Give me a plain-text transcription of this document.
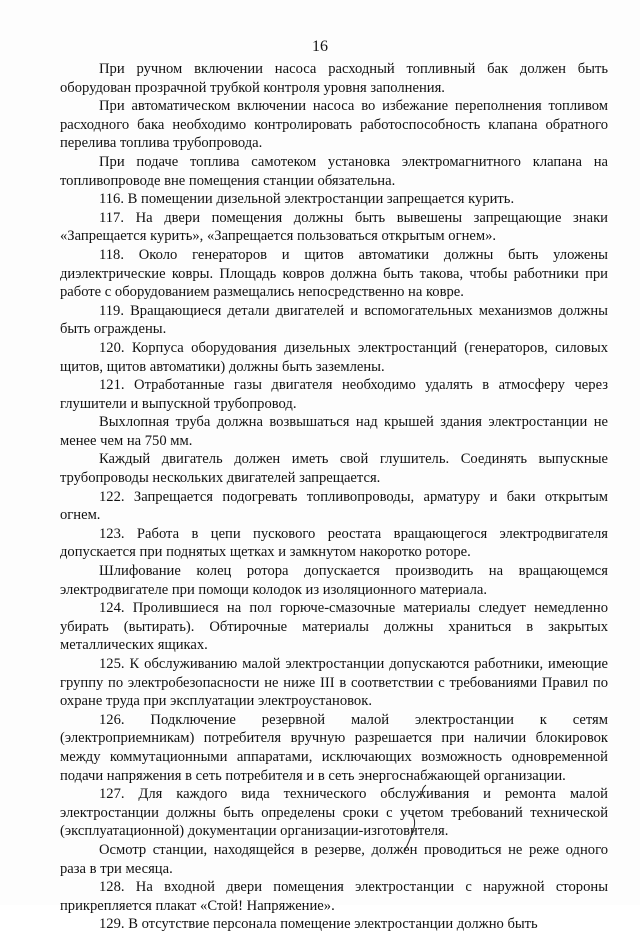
16

При ручном включении насоса расходный топливный бак должен быть оборудован прозрачной трубкой контроля уровня заполнения.

При автоматическом включении насоса во избежание переполнения топливом расходного бака необходимо контролировать работоспособность клапана обратного перелива топлива трубопровода.

При подаче топлива самотеком установка электромагнитного клапана на топливопроводе вне помещения станции обязательна.

116. В помещении дизельной электростанции запрещается курить.

117. На двери помещения должны быть вывешены запрещающие знаки «Запрещается курить», «Запрещается пользоваться открытым огнем».

118. Около генераторов и щитов автоматики должны быть уложены диэлектрические ковры. Площадь ковров должна быть такова, чтобы работники при работе с оборудованием размещались непосредственно на ковре.

119. Вращающиеся детали двигателей и вспомогательных механизмов должны быть ограждены.

120. Корпуса оборудования дизельных электростанций (генераторов, силовых щитов, щитов автоматики) должны быть заземлены.

121. Отработанные газы двигателя необходимо удалять в атмосферу через глушители и выпускной трубопровод.

Выхлопная труба должна возвышаться над крышей здания электростанции не менее чем на 750 мм.

Каждый двигатель должен иметь свой глушитель. Соединять выпускные трубопроводы нескольких двигателей запрещается.

122. Запрещается подогревать топливопроводы, арматуру и баки открытым огнем.

123. Работа в цепи пускового реостата вращающегося электродвигателя допускается при поднятых щетках и замкнутом накоротко роторе.

Шлифование колец ротора допускается производить на вращающемся электродвигателе при помощи колодок из изоляционного материала.

124. Пролившиеся на пол горюче-смазочные материалы следует немедленно убирать (вытирать). Обтирочные материалы должны храниться в закрытых металлических ящиках.

125. К обслуживанию малой электростанции допускаются работники, имеющие группу по электробезопасности не ниже III в соответствии с требованиями Правил по охране труда при эксплуатации электроустановок.

126. Подключение резервной малой электростанции к сетям (электроприемникам) потребителя вручную разрешается при наличии блокировок между коммутационными аппаратами, исключающих возможность одновременной подачи напряжения в сеть потребителя и в сеть энергоснабжающей организации.

127. Для каждого вида технического обслуживания и ремонта малой электростанции должны быть определены сроки с учетом требований технической (эксплуатационной) документации организации-изготовителя.

Осмотр станции, находящейся в резерве, должен проводиться не реже одного раза в три месяца.

128. На входной двери помещения электростанции с наружной стороны прикрепляется плакат «Стой! Напряжение».

129. В отсутствие персонала помещение электростанции должно быть
